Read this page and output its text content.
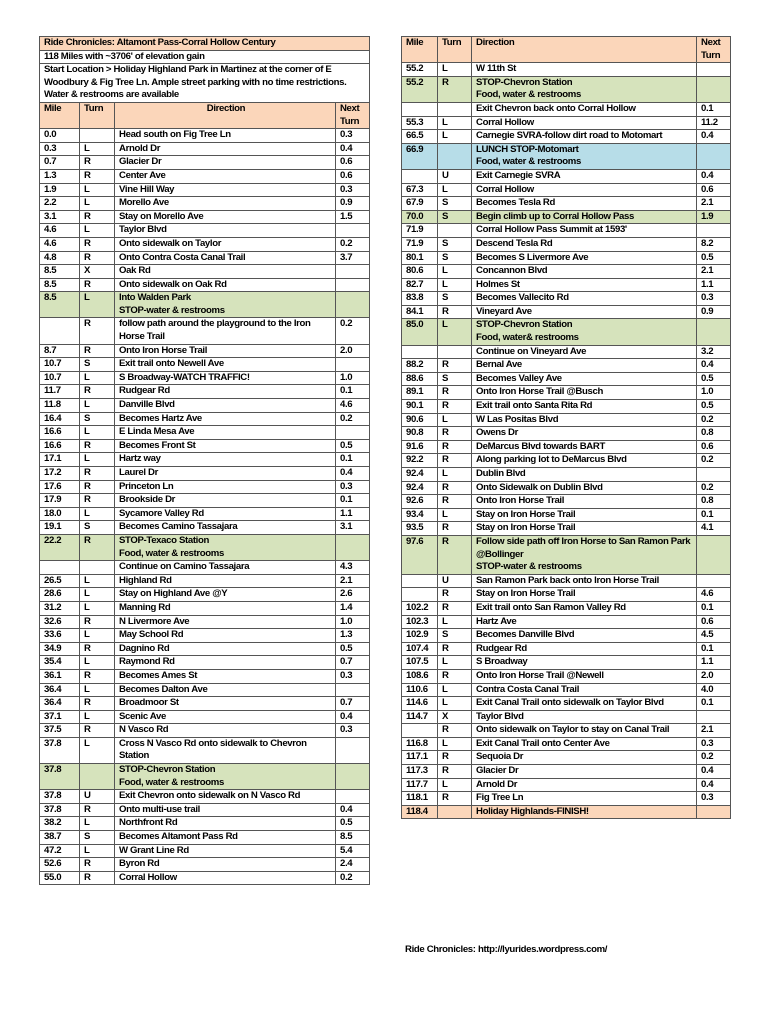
Ride Chronicles: Altamont Pass-Corral Hollow Century			
118 Miles with ~3706' of elevation gain			
Start Location > Holiday Highland Park in Martinez at the corner of E Woodbury & Fig Tree Ln. Ample street parking with no time restrictions. Water & restrooms are available			
Mile	Turn	Direction	Next Turn
0.0		Head south on Fig Tree Ln	0.3
0.3	L	Arnold Dr	0.4
0.7	R	Glacier Dr	0.6
1.3	R	Center Ave	0.6
1.9	L	Vine Hill Way	0.3
2.2	L	Morello Ave	0.9
3.1	R	Stay on Morello Ave	1.5
4.6	L	Taylor Blvd	
4.6	R	Onto sidewalk on Taylor	0.2
4.8	R	Onto Contra Costa Canal Trail	3.7
8.5	X	Oak Rd	
8.5	R	Onto sidewalk on Oak Rd	
8.5	L	Into Walden Park
STOP-water & restrooms	
	R	follow path around the playground to the Iron Horse Trail	0.2
8.7	R	Onto Iron Horse Trail	2.0
10.7	S	Exit trail onto Newell Ave	
10.7	L	S Broadway-WATCH TRAFFIC!	1.0
11.7	R	Rudgear Rd	0.1
11.8	L	Danville Blvd	4.6
16.4	S	Becomes Hartz Ave	0.2
16.6	L	E Linda Mesa Ave	
16.6	R	Becomes Front St	0.5
17.1	L	Hartz way	0.1
17.2	R	Laurel Dr	0.4
17.6	R	Princeton Ln	0.3
17.9	R	Brookside Dr	0.1
18.0	L	Sycamore Valley Rd	1.1
19.1	S	Becomes Camino Tassajara	3.1
22.2	R	STOP-Texaco Station
Food, water & restrooms	
		Continue on Camino Tassajara	4.3
26.5	L	Highland Rd	2.1
28.6	L	Stay on Highland Ave @Y	2.6
31.2	L	Manning Rd	1.4
32.6	R	N Livermore Ave	1.0
33.6	L	May School Rd	1.3
34.9	R	Dagnino Rd	0.5
35.4	L	Raymond Rd	0.7
36.1	R	Becomes Ames St	0.3
36.4	L	Becomes Dalton Ave	
36.4	R	Broadmoor St	0.7
37.1	L	Scenic Ave	0.4
37.5	R	N Vasco Rd	0.3
37.8	L	Cross N Vasco Rd onto sidewalk to Chevron Station	
37.8		STOP-Chevron Station
Food, water & restrooms	
37.8	U	Exit Chevron onto sidewalk on N Vasco Rd	
37.8	R	Onto multi-use trail	0.4
38.2	L	Northfront Rd	0.5
38.7	S	Becomes Altamont Pass Rd	8.5
47.2	L	W Grant Line Rd	5.4
52.6	R	Byron Rd	2.4
55.0	R	Corral Hollow	0.2
Mile	Turn	Direction	Next Turn
55.2	L	W 11th St	
55.2	R	STOP-Chevron Station
Food, water & restrooms	
		Exit Chevron back onto Corral Hollow	0.1
55.3	L	Corral Hollow	11.2
66.5	L	Carnegie SVRA-follow dirt road to Motomart	0.4
66.9		LUNCH STOP-Motomart
Food, water & restrooms	
	U	Exit Carnegie SVRA	0.4
67.3	L	Corral Hollow	0.6
67.9	S	Becomes Tesla Rd	2.1
70.0	S	Begin climb up to Corral Hollow Pass	1.9
71.9		Corral Hollow Pass Summit at 1593'	
71.9	S	Descend Tesla Rd	8.2
80.1	S	Becomes S Livermore Ave	0.5
80.6	L	Concannon Blvd	2.1
82.7	L	Holmes St	1.1
83.8	S	Becomes Vallecito Rd	0.3
84.1	R	Vineyard Ave	0.9
85.0	L	STOP-Chevron Station
Food, water& restrooms	
		Continue on Vineyard Ave	3.2
88.2	R	Bernal Ave	0.4
88.6	S	Becomes Valley Ave	0.5
89.1	R	Onto Iron Horse Trail @Busch	1.0
90.1	R	Exit trail onto Santa Rita Rd	0.5
90.6	L	W Las Positas Blvd	0.2
90.8	R	Owens Dr	0.8
91.6	R	DeMarcus Blvd towards BART	0.6
92.2	R	Along parking lot to DeMarcus Blvd	0.2
92.4	L	Dublin Blvd	
92.4	R	Onto Sidewalk on Dublin Blvd	0.2
92.6	R	Onto Iron Horse Trail	0.8
93.4	L	Stay on Iron Horse Trail	0.1
93.5	R	Stay on Iron Horse Trail	4.1
97.6	R	Follow side path off Iron Horse to San Ramon Park @Bollinger
STOP-water & restrooms	
	U	San Ramon Park back onto Iron Horse Trail	
	R	Stay on Iron Horse Trail	4.6
102.2	R	Exit trail onto San Ramon Valley Rd	0.1
102.3	L	Hartz Ave	0.6
102.9	S	Becomes Danville Blvd	4.5
107.4	R	Rudgear Rd	0.1
107.5	L	S Broadway	1.1
108.6	R	Onto Iron Horse Trail @Newell	2.0
110.6	L	Contra Costa Canal Trail	4.0
114.6	L	Exit Canal Trail onto sidewalk on Taylor Blvd	0.1
114.7	X	Taylor Blvd	
	R	Onto sidewalk on Taylor to stay on Canal Trail	2.1
116.8	L	Exit Canal Trail onto Center Ave	0.3
117.1	R	Sequoia Dr	0.2
117.3	R	Glacier Dr	0.4
117.7	L	Arnold Dr	0.4
118.1	R	Fig Tree Ln	0.3
118.4		Holiday Highlands-FINISH!	
Ride Chronicles: http://lyurides.wordpress.com/
